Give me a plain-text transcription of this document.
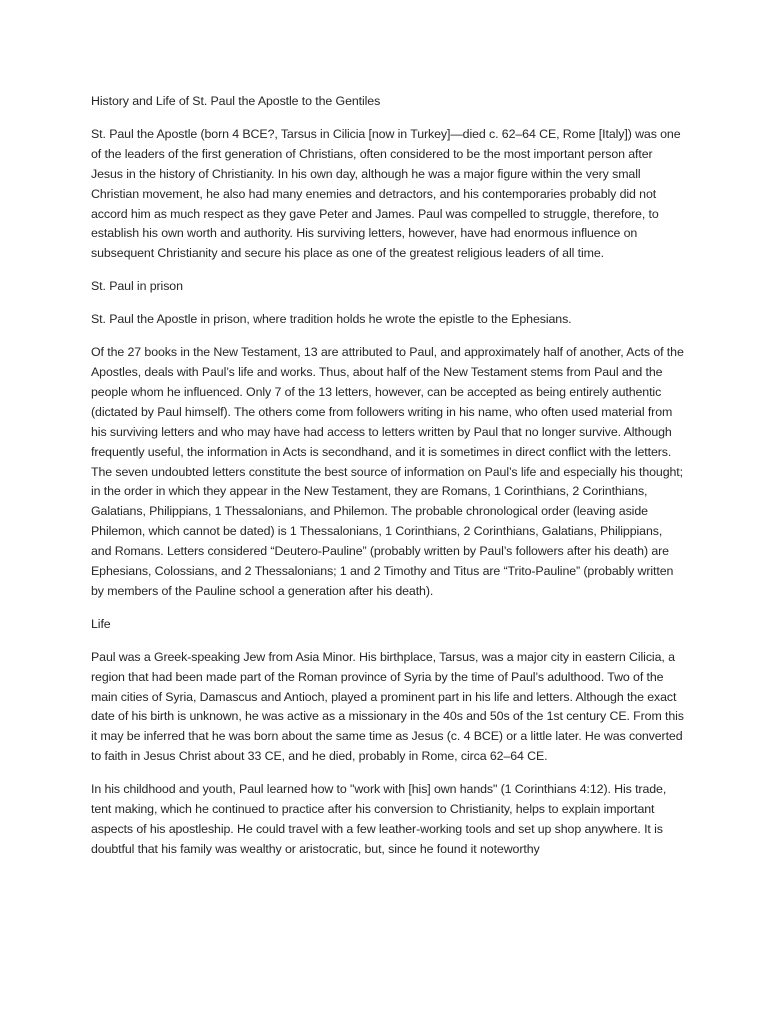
History and Life of St. Paul the Apostle to the Gentiles

St. Paul the Apostle (born 4 BCE?, Tarsus in Cilicia [now in Turkey]—died c. 62–64 CE, Rome [Italy]) was one of the leaders of the first generation of Christians, often considered to be the most important person after Jesus in the history of Christianity. In his own day, although he was a major figure within the very small Christian movement, he also had many enemies and detractors, and his contemporaries probably did not accord him as much respect as they gave Peter and James. Paul was compelled to struggle, therefore, to establish his own worth and authority. His surviving letters, however, have had enormous influence on subsequent Christianity and secure his place as one of the greatest religious leaders of all time.

St. Paul in prison

St. Paul the Apostle in prison, where tradition holds he wrote the epistle to the Ephesians.

Of the 27 books in the New Testament, 13 are attributed to Paul, and approximately half of another, Acts of the Apostles, deals with Paul’s life and works. Thus, about half of the New Testament stems from Paul and the people whom he influenced. Only 7 of the 13 letters, however, can be accepted as being entirely authentic (dictated by Paul himself). The others come from followers writing in his name, who often used material from his surviving letters and who may have had access to letters written by Paul that no longer survive. Although frequently useful, the information in Acts is secondhand, and it is sometimes in direct conflict with the letters. The seven undoubted letters constitute the best source of information on Paul’s life and especially his thought; in the order in which they appear in the New Testament, they are Romans, 1 Corinthians, 2 Corinthians, Galatians, Philippians, 1 Thessalonians, and Philemon. The probable chronological order (leaving aside Philemon, which cannot be dated) is 1 Thessalonians, 1 Corinthians, 2 Corinthians, Galatians, Philippians, and Romans. Letters considered “Deutero-Pauline” (probably written by Paul’s followers after his death) are Ephesians, Colossians, and 2 Thessalonians; 1 and 2 Timothy and Titus are “Trito-Pauline” (probably written by members of the Pauline school a generation after his death).

Life

Paul was a Greek-speaking Jew from Asia Minor. His birthplace, Tarsus, was a major city in eastern Cilicia, a region that had been made part of the Roman province of Syria by the time of Paul’s adulthood. Two of the main cities of Syria, Damascus and Antioch, played a prominent part in his life and letters. Although the exact date of his birth is unknown, he was active as a missionary in the 40s and 50s of the 1st century CE. From this it may be inferred that he was born about the same time as Jesus (c. 4 BCE) or a little later. He was converted to faith in Jesus Christ about 33 CE, and he died, probably in Rome, circa 62–64 CE.

In his childhood and youth, Paul learned how to "work with [his] own hands" (1 Corinthians 4:12). His trade, tent making, which he continued to practice after his conversion to Christianity, helps to explain important aspects of his apostleship. He could travel with a few leather-working tools and set up shop anywhere. It is doubtful that his family was wealthy or aristocratic, but, since he found it noteworthy
